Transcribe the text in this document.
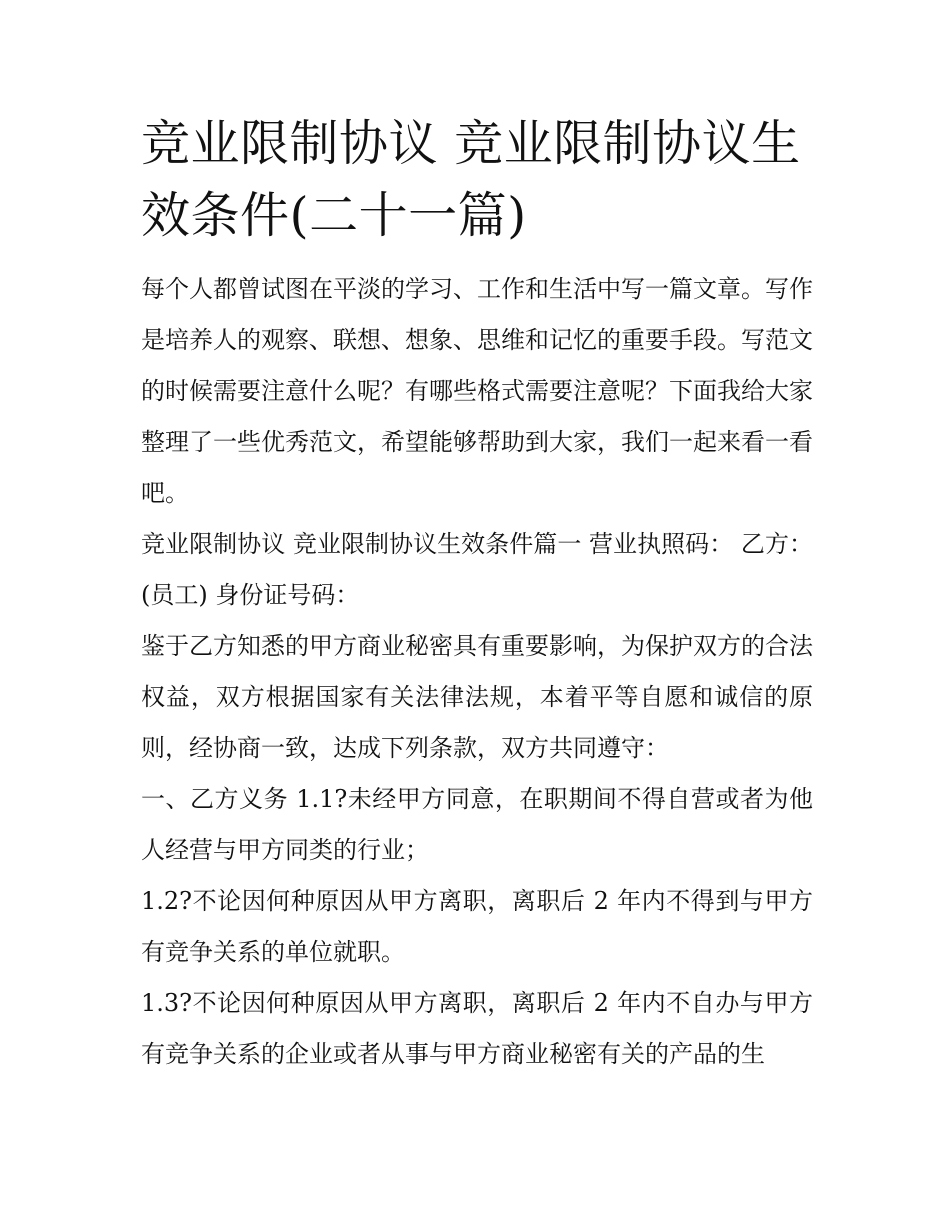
竞业限制协议 竞业限制协议生效条件(二十一篇)

每个人都曾试图在平淡的学习、工作和生活中写一篇文章。写作是培养人的观察、联想、想象、思维和记忆的重要手段。写范文的时候需要注意什么呢？有哪些格式需要注意呢？下面我给大家整理了一些优秀范文，希望能够帮助到大家，我们一起来看一看吧。

竞业限制协议 竞业限制协议生效条件篇一 营业执照码： 乙方：(员工) 身份证号码：

鉴于乙方知悉的甲方商业秘密具有重要影响，为保护双方的合法权益，双方根据国家有关法律法规，本着平等自愿和诚信的原则，经协商一致，达成下列条款，双方共同遵守：

一、乙方义务 1.1?未经甲方同意，在职期间不得自营或者为他人经营与甲方同类的行业；

1.2?不论因何种原因从甲方离职，离职后 2 年内不得到与甲方有竞争关系的单位就职。

1.3?不论因何种原因从甲方离职，离职后 2 年内不自办与甲方有竞争关系的企业或者从事与甲方商业秘密有关的产品的生
